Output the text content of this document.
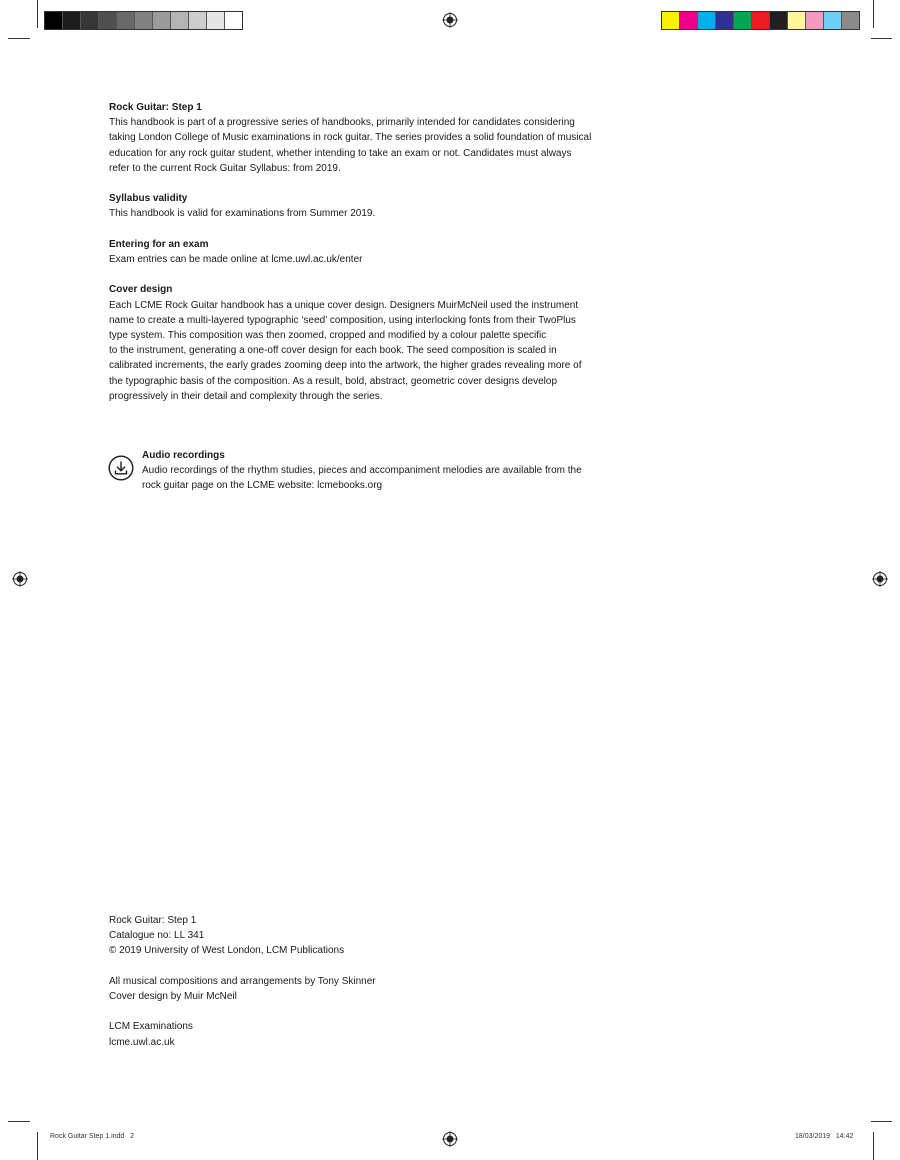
Rock Guitar: Step 1
This handbook is part of a progressive series of handbooks, primarily intended for candidates considering
taking London College of Music examinations in rock guitar. The series provides a solid foundation of musical
education for any rock guitar student, whether intending to take an exam or not. Candidates must always
refer to the current Rock Guitar Syllabus: from 2019.
Syllabus validity
This handbook is valid for examinations from Summer 2019.
Entering for an exam
Exam entries can be made online at lcme.uwl.ac.uk/enter
Cover design
Each LCME Rock Guitar handbook has a unique cover design. Designers MuirMcNeil used the instrument
name to create a multi-layered typographic ‘seed’ composition, using interlocking fonts from their TwoPlus
type system. This composition was then zoomed, cropped and modified by a colour palette specific
to the instrument, generating a one-off cover design for each book. The seed composition is scaled in
calibrated increments, the early grades zooming deep into the artwork, the higher grades revealing more of
the typographic basis of the composition. As a result, bold, abstract, geometric cover designs develop
progressively in their detail and complexity through the series.
Audio recordings
Audio recordings of the rhythm studies, pieces and accompaniment melodies are available from the
rock guitar page on the LCME website: lcmebooks.org
Rock Guitar: Step 1
Catalogue no: LL 341
© 2019 University of West London, LCM Publications
All musical compositions and arrangements by Tony Skinner
Cover design by Muir McNeil
LCM Examinations
lcme.uwl.ac.uk
Rock Guitar Step 1.indd   2	18/03/2019   14:42
